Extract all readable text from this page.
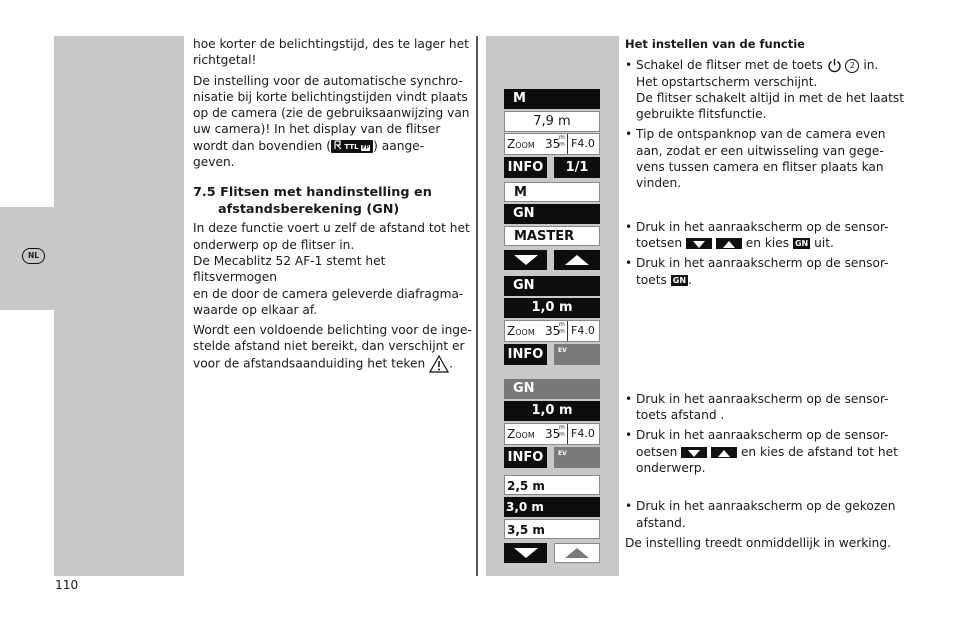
NL
110

hoe korter de belichtingstijd, des te lager het richtgetal!

De instelling voor de automatische synchro-
nisatie bij korte belichtingstijden vindt plaats
op de camera (zie de gebruiksaanwijzing van
uw camera)! In het display van de flitser
wordt dan bovendien ( TTL FP ) aange-
geven.

7.5 Flitsen met handinstelling en
afstandsberekening (GN)

In deze functie voert u zelf de afstand tot het
onderwerp op de flitser in.
De Mecablitz 52 AF-1 stemt het flitsvermogen
en de door de camera geleverde diafragma-
waarde op elkaar af.

Wordt een voldoende belichting voor de inge-
stelde afstand niet bereikt, dan verschijnt er
voor de afstandsaanduiding het teken .

M
7,9 m
Zoom 35
m
m F4.0
INFO 1/1
M
GN
MASTER
GN
1,0 m
Zoom 35
m
m F4.0
INFO EV
GN
1,0 m
Zoom 35
m
m F4.0
INFO EV
2,5 m
3,0 m
3,5 m
Het instellen van de functie
• Schakel de flitser met de toets	2 in.
Het opstartscherm verschijnt.
De flitser schakelt altijd in met de het laatst
gebruikte flitsfunctie.
• Tip de ontspanknop van de camera even
aan, zodat er een uitwisseling van gege-
vens tussen camera en flitser plaats kan
vinden.
• Druk in het aanraakscherm op de sensor-
toetsen	en kies GN uit.
• Druk in het aanraakscherm op de sensor-
toets GN .
• Druk in het aanraakscherm op de sensor-
toets afstand .
• Druk in het aanraakscherm op de sensor-
oetsen	en kies de afstand tot het
onderwerp.
• Druk in het aanraakscherm op de gekozen
afstand.
De instelling treedt onmiddellijk in werking.
